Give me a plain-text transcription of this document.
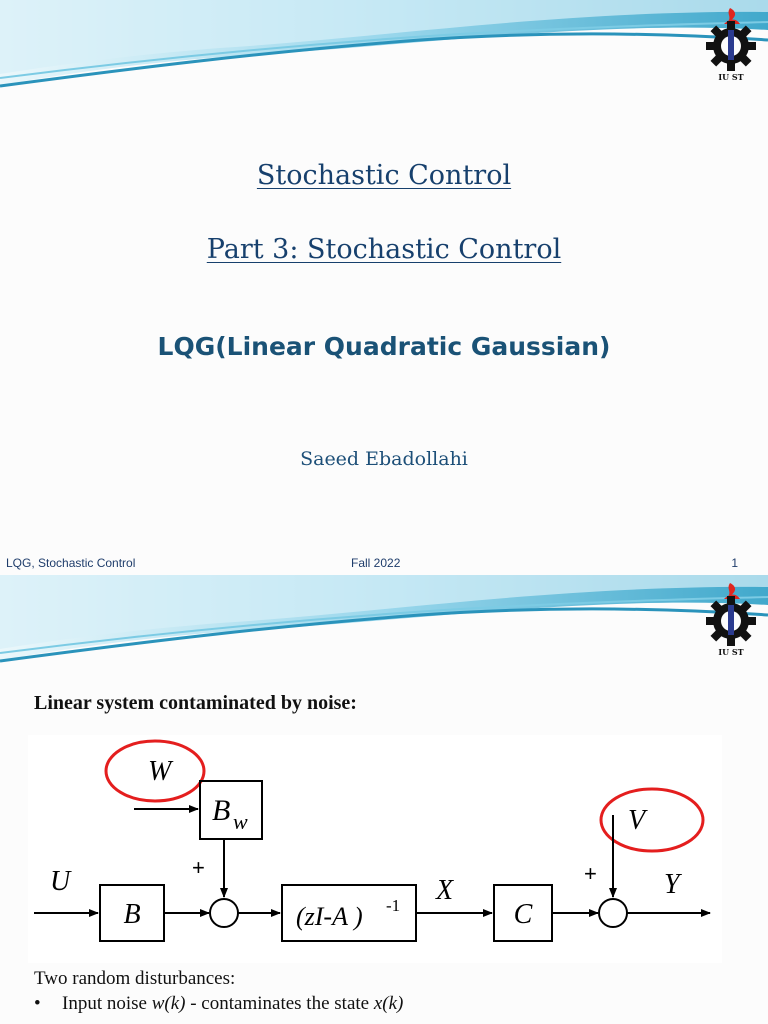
IU ST
Stochastic Control
Part 3: Stochastic Control
LQG(Linear Quadratic Gaussian)
Saeed Ebadollahi
LQG, Stochastic Control	Fall 2022	1
IU ST
Linear system contaminated by noise:
W
B w
+
U
B	(zI-A ) -1 X
C
V
+ Y
Two random disturbances:
• Input noise w(k) - contaminates the state x(k)
